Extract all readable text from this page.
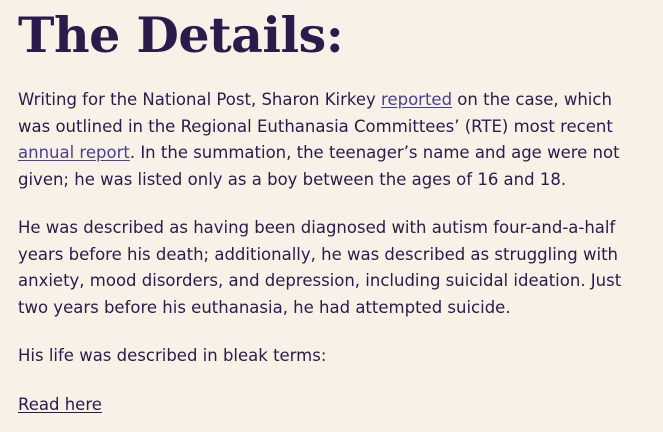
The Details:

Writing for the National Post, Sharon Kirkey reported on the case, which was outlined in the Regional Euthanasia Committees’ (RTE) most recent annual report. In the summation, the teenager’s name and age were not given; he was listed only as a boy between the ages of 16 and 18.

He was described as having been diagnosed with autism four-and-a-half years before his death; additionally, he was described as struggling with anxiety, mood disorders, and depression, including suicidal ideation. Just two years before his euthanasia, he had attempted suicide.

His life was described in bleak terms:

Read here
